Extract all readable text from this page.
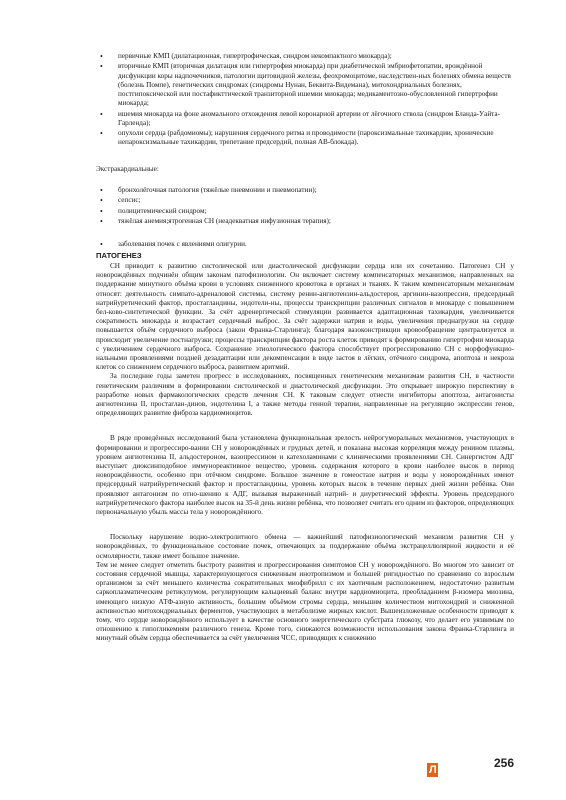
• первичные КМП (дилатационная, гипертрофическая, синдром некомпактного миокарда);
• вторичные КМП (вторичная дилатация или гипертрофия миокарда) при диабетической эмбриофетопатии, врождённой дисфункции коры надпочечников, патологии щитовидной железы, феохромоцитоме, наследствен-ных болезнях обмена веществ (болезнь Помпе), генетических синдромах (синдромы Нунан, Беквита-Видемана), митохондриальных болезнях, постгипоксической или постафикттической транзиторной ишемии миокарда; медикаментозно-обусловленной гипертрофии миокарда;
• ишемия миокарда на фоне аномального отхождения левой коронарной артерии от лёгочного ствола (синдром Бланда-Уайта-Гарленда);
• опухоли сердца (рабдомиомы); нарушения сердечного ритма и проводимости (пароксизмальные тахикардии, хронические непароксизмальные тахикардии, трепетание предсердий, полная АВ-блокада).
Экстракардиальные:
• бронхолёгочная патология (тяжёлые пневмонии и пневмопатии);
• сепсис;
• полицитемический синдром;
• тяжёлая анемия;ятрогенная СН (неадекватная инфузионная терапия);
• заболевания почек с явлениями олигурии.
ПАТОГЕНЕЗ

СН приводит к развитию систолической или диастолической дисфункции сердца или их сочетанию. Патогенез СН у новорождённых подчинён общим законам патофизиологии. Он включает систему компенсаторных механизмов, направленных на поддержание минутного объёма крови в условиях сниженного кровотока в органах и тканях. К таким компенсаторным механизмам относят: деятельность симпато-адреналовой системы, систему ренин-ангиотензин-альдостерон, аргинин-вазопрессин, предсердный натрийуретический фактор, простагландины, эндотели-ны, процессы транскрипции различных сигналов в миокарде с повышением бел-ково-синтетической функции. За счёт адренергической стимуляции развивается адаптационная тахикардия, увеличивается сократимость миокарда и возрастает сердечный выброс. За счёт задержки натрия и воды, увеличения преднагрузки на сердце повышается объём сердечного выброса (закон Франка-Старлинга); благодаря вазоконстрикции кровообращение централизуется и происходит увеличение постнагрузки; процессы транскрипции фактора роста клеток приводят к формированию гипертрофии миокарда с увеличением сердечного выброса. Сохранение этиологического фактора способствует прогрессированию СН с морфофункцио-нальными проявлениями поздней дезадаптации или декомпенсации в виде застоя в лёгких, отёчного синдрома, апоптоза и некроза клеток со снижением сердечного выброса, развитием аритмий.

За последние годы заметен прогресс в исследованиях, посвященных генетическим механизмам развития СН, в частности генетическим различиям в формировании систолической и диастолической дисфункции. Это открывает широкую перспективу в разработке новых фармакологических средств лечения СН. К таковым следует отнести ингибиторы апоптоза, антагонисты ангиотензина II, простаглан-динов, эндотелина I, а также методы генной терапии, направленные на регуляцию экспрессии генов, определяющих развитие фиброза кардиомиоцитов.

В ряде проведённых исследований была установлена функциональная зрелость нейрогуморальных механизмов, участвующих в формировании и прогрессиро-вании СН у новорождённых и грудных детей, и показана высокая корреляция между ренином плазмы, уровнем ангиотензина II, альдостероном, вазопрессином и катехоламинами с клиническими проявлениями СН. Синергистом АДГ выступает диоксинподобное иммунореактивное вещество, уровень содержания которого в крови наиболее высок в период новорождённости, особенно при отёчном синдроме. Большое значение в гомеостазе натрия и воды у новорождённых имеют предсердный натрийуретический фактор и простагландины, уровень которых высок в течение первых дней жизни ребёнка. Они проявляют антагонизм по отно-шению к АДГ, вызывая выраженный натрий- и диуретический эффекты. Уровень предсердного натрийуретического фактора наиболее высок на 35-й день жизни ребёнка, что позволяет считать его одним из факторов, определяющих первоначальную убыль массы тела у новорождённого.

Поскольку нарушение водно-электролитного обмена — важнейший патофизиологический механизм развития СН у новорождённых, то функциональное состояние почек, отвечающих за поддержание объёма экстрацеллюлярной жидкости и её осмолярности, также имеет большое значение.

Тем не менее следует отметить быстроту развития и прогрессирования симптомов СН у новорождённого. Во многом это зависит от состояния сердечной мышцы, характеризующегося сниженным инотропизмом и большей ригидностью по сравнению со взрослым организмом за счёт меньшего количества сократительных миофибрилл с их хаотичным расположением, недостаточно развитым саркоплазматическим ретикулумом, регулирующим кальциевый баланс внутри кардиомиоцита, преобладанием β-изомера миозина, имеющего низкую АТФ-азную активность, большим объёмом стромы сердца, меньшим количеством митохондрий и сниженной активностью митохондриальных ферментов, участвующих в метаболизме жирных кислот. Вышеизложенные особенности приводят к тому, что сердце новорождённого использует в качестве основного энергетического субстрата глюкозу, что делает его уязвимым по отношению к гипогликемиям различного генеза. Кроме того, снижаются возможности использования закона Франка-Старлинга и минутный объём сердца обеспечивается за счёт увеличения ЧСС, приводящих к снижению

Л	256
